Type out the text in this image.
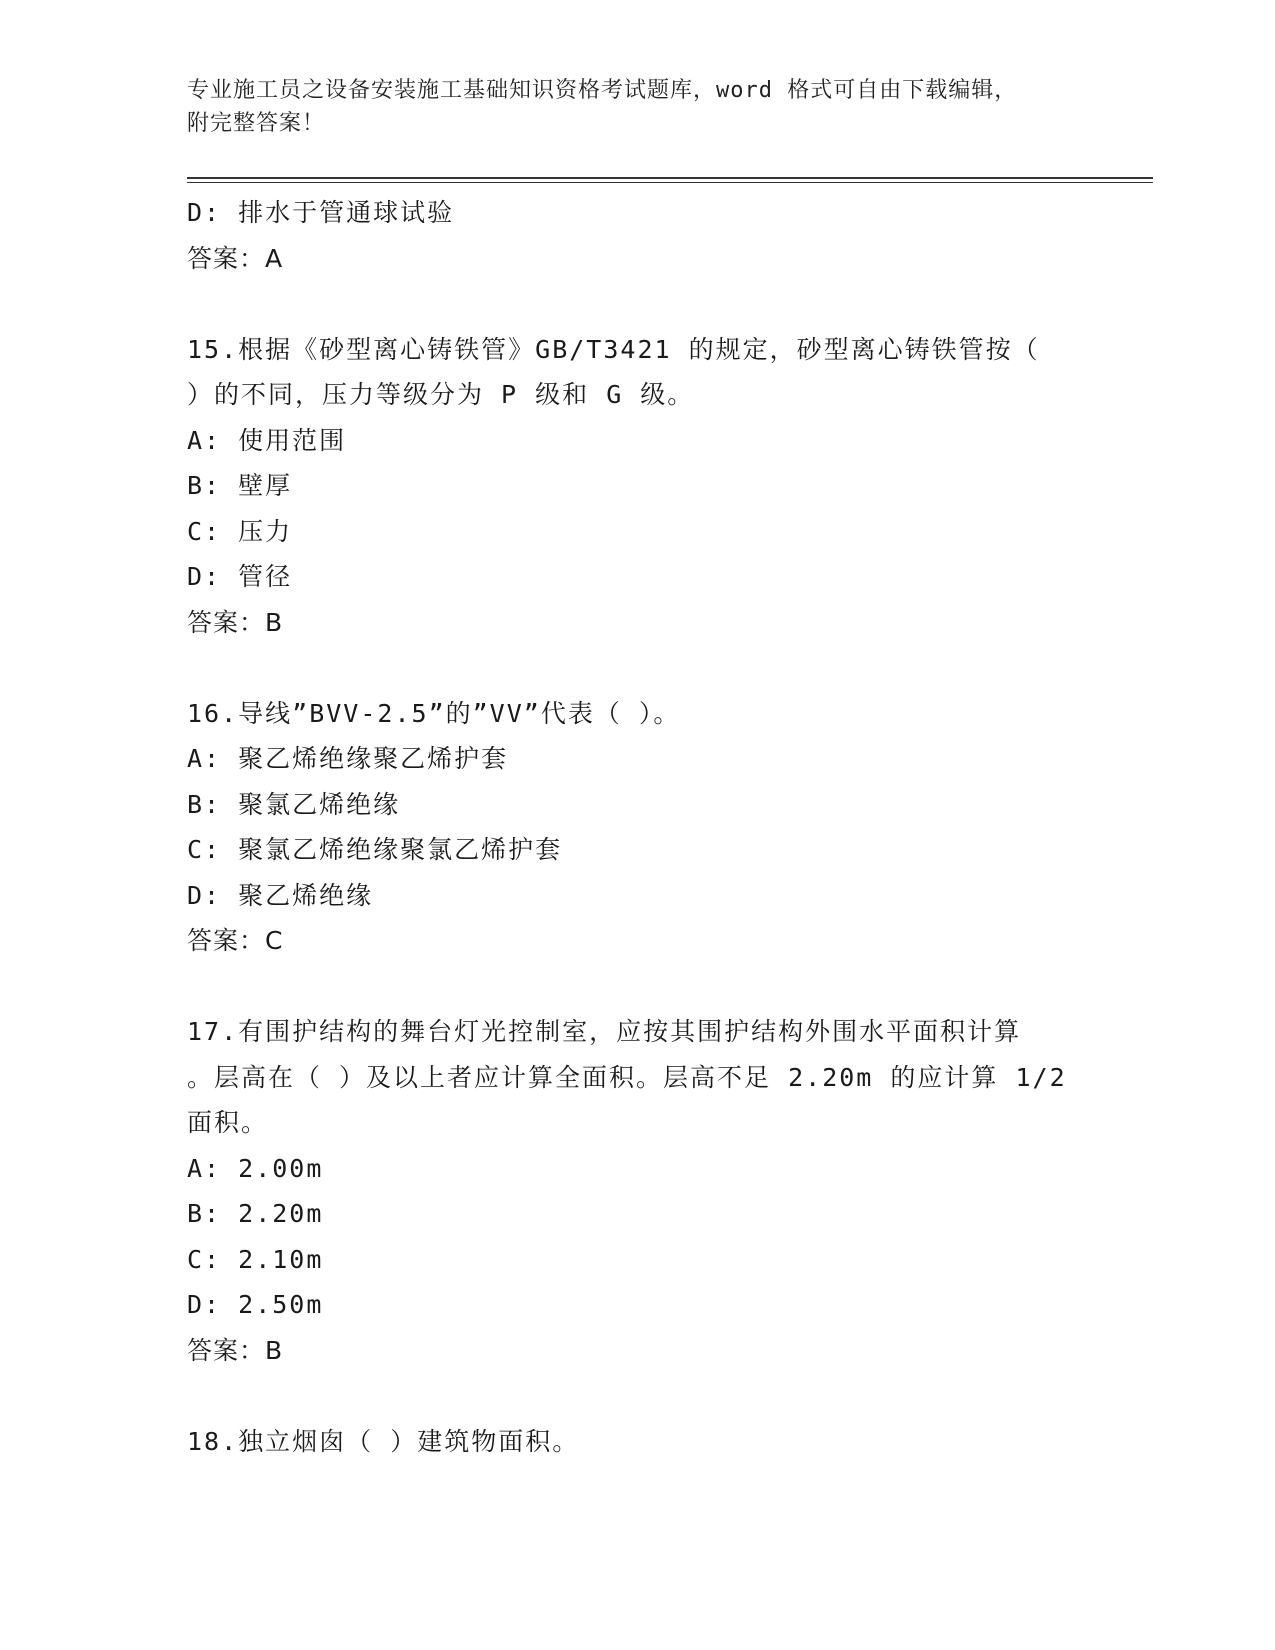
专业施工员之设备安装施工基础知识资格考试题库，word 格式可自由下载编辑，
附完整答案！
D: 排水于管通球试验
答案：A
15.根据《砂型离心铸铁管》GB/T3421 的规定，砂型离心铸铁管按（
）的不同，压力等级分为 P 级和 G 级。
A: 使用范围
B: 壁厚
C: 压力
D: 管径
答案：B
16.导线”BVV-2.5”的”VV”代表（ ）。
A: 聚乙烯绝缘聚乙烯护套
B: 聚氯乙烯绝缘
C: 聚氯乙烯绝缘聚氯乙烯护套
D: 聚乙烯绝缘
答案：C
17.有围护结构的舞台灯光控制室，应按其围护结构外围水平面积计算
。层高在（ ）及以上者应计算全面积。层高不足 2.20m 的应计算 1/2
面积。
A: 2.00m
B: 2.20m
C: 2.10m
D: 2.50m
答案：B
18.独立烟囱（ ）建筑物面积。
